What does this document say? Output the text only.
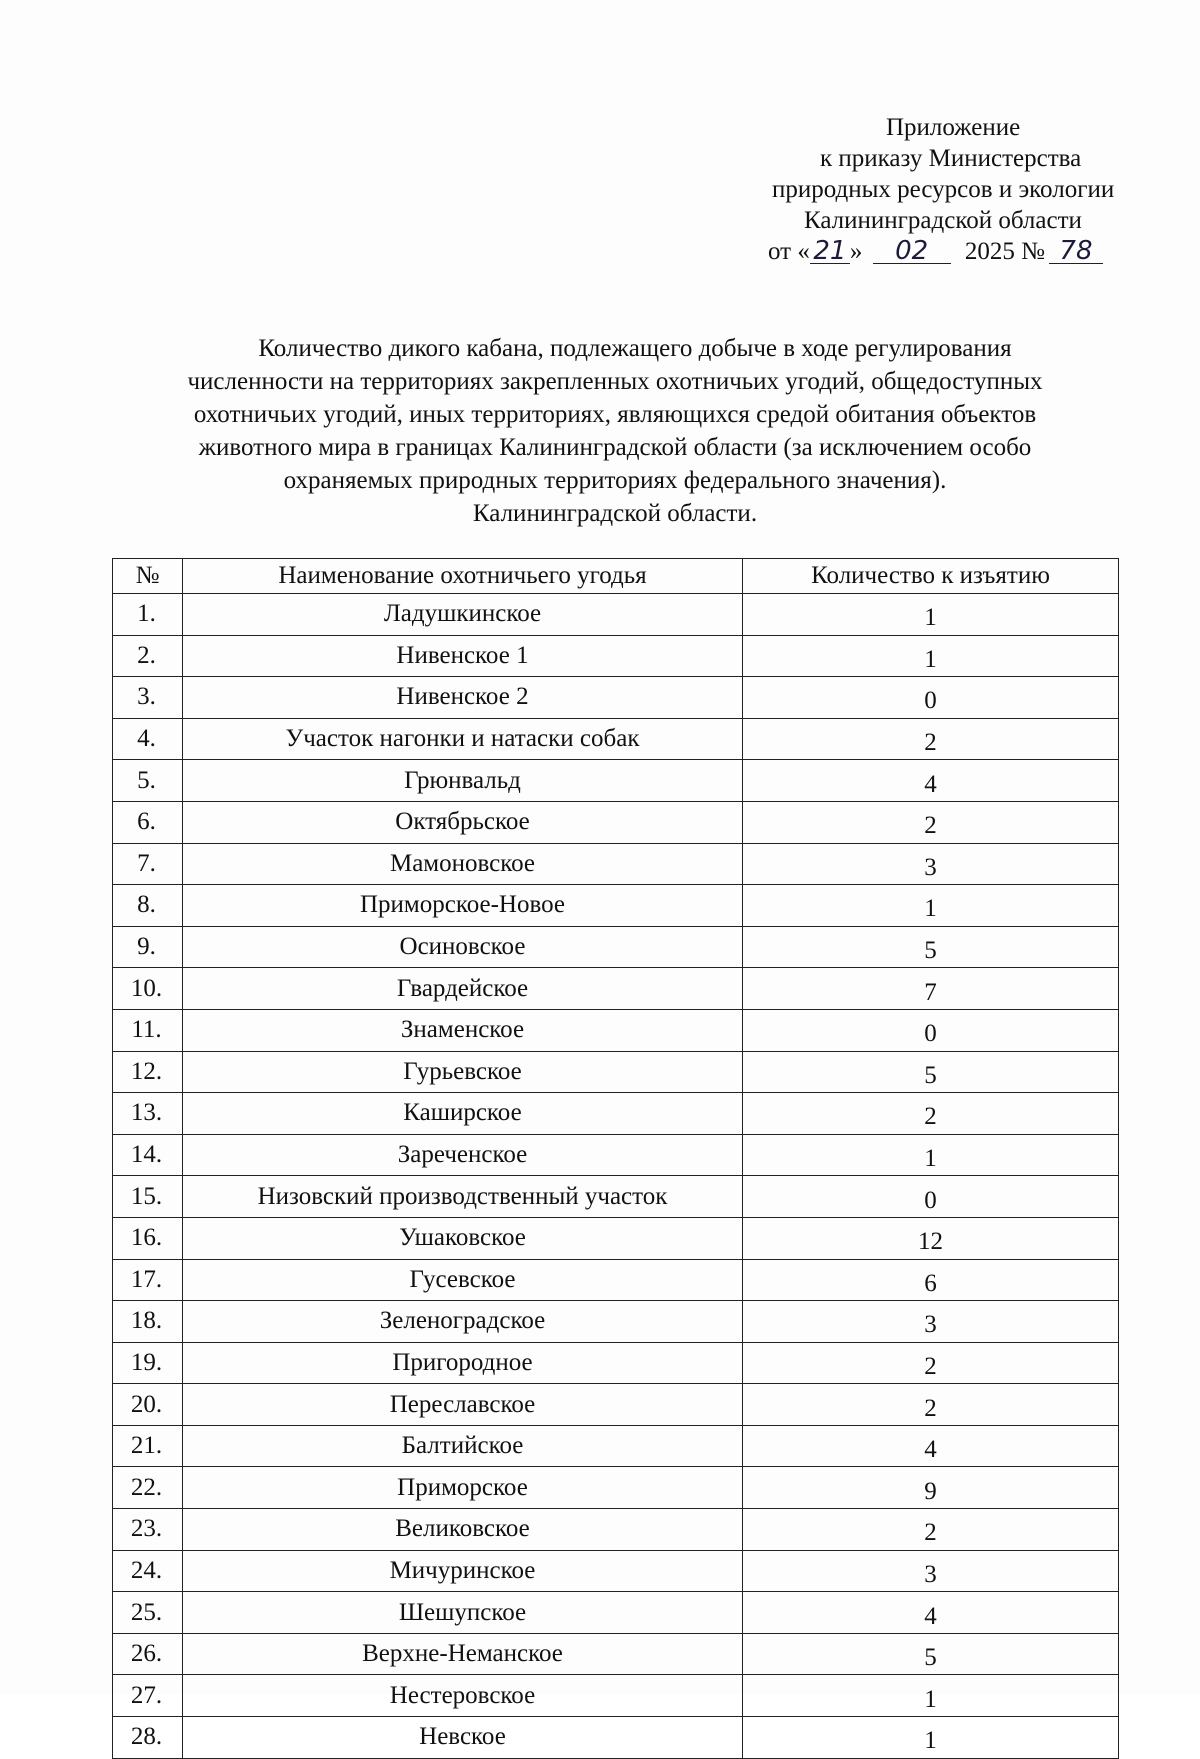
Приложение
к приказу Министерства
природных ресурсов и экологии
Калининградской области
от « 21 » 02 2025 № 78
Количество дикого кабана, подлежащего добыче в ходе регулирования
численности на территориях закрепленных охотничьих угодий, общедоступных
охотничьих угодий, иных территориях, являющихся средой обитания объектов
животного мира в границах Калининградской области (за исключением особо
охраняемых природных территориях федерального значения).
Калининградской области.
№	Наименование охотничьего угодья	Количество к изъятию
1.	Ладушкинское	1
2.	Нивенское 1	1
3.	Нивенское 2	0
4.	Участок нагонки и натаски собак	2
5.	Грюнвальд	4
6.	Октябрьское	2
7.	Мамоновское	3
8.	Приморское-Новое	1
9.	Осиновское	5
10.	Гвардейское	7
11.	Знаменское	0
12.	Гурьевское	5
13.	Каширское	2
14.	Зареченское	1
15.	Низовский производственный участок	0
16.	Ушаковское	12
17.	Гусевское	6
18.	Зеленоградское	3
19.	Пригородное	2
20.	Переславское	2
21.	Балтийское	4
22.	Приморское	9
23.	Великовское	2
24.	Мичуринское	3
25.	Шешупское	4
26.	Верхне-Неманское	5
27.	Нестеровское	1
28.	Невское	1
